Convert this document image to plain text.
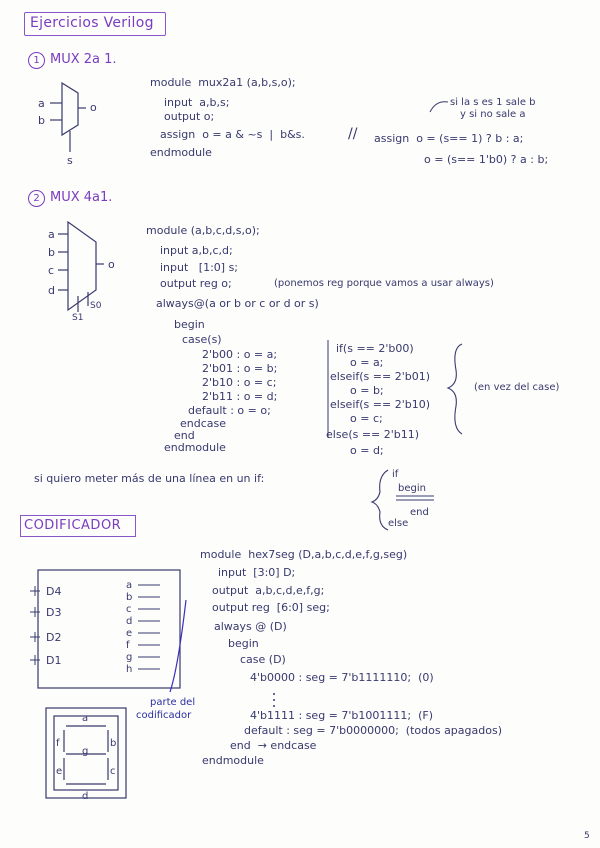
Ejercicios Verilog
1 MUX 2a 1.
a
b
o
s
module  mux2a1 (a,b,s,o);
input  a,b,s;
output o;
assign  o = a & ~s  |  b&s.
endmodule
// assign  o = (s== 1) ? b : a;
o = (s== 1'b0) ? a : b;
si la s es 1 sale b
y si no sale a
2 MUX 4a1.
a
b
c
d
o
S1
S0
module (a,b,c,d,s,o);
input a,b,c,d;
input   [1:0] s;
output reg o;
always@(a or b or c or d or s)
begin
case(s)
2'b00 : o = a;
2'b01 : o = b;
2'b10 : o = c;
2'b11 : o = d;
default : o = o;
endcase
end
endmodule
(ponemos reg porque vamos a usar always)
if(s == 2'b00)
o = a;
elseif(s == 2'b01)
o = b;
elseif(s == 2'b10)
o = c;
else(s == 2'b11)
o = d;
(en vez del case)
si quiero meter más de una línea en un if:	if
begin
end
else
CODIFICADOR
D4
D3
D2
D1
a
b
c
d
e
f
g
h
parte del
codificador
a
b
c
d
e
f
g
module  hex7seg (D,a,b,c,d,e,f,g,seg)
input  [3:0] D;
output  a,b,c,d,e,f,g;
output reg  [6:0] seg;
always @ (D)
begin
case (D)
4'b0000 : seg = 7'b1111110;  (0)
4'b1111 : seg = 7'b1001111;  (F)
default : seg = 7'b0000000;  (todos apagados)
end  → endcase
endmodule
5
